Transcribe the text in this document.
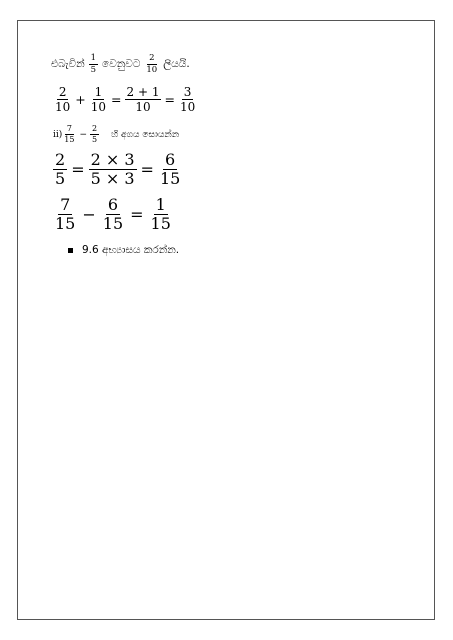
එබැවින් $\frac{1}{5}$ වෙනුවට $\frac{2}{10}$ ලියයි.
$\frac{2}{10} + \frac{1}{10} = \frac{2 + 1}{10} = \frac{3}{10}$
$ii) \frac{7}{15} - \frac{2}{5}$ හි අගය සොයන්න
$\frac{2}{5} = \frac{2 \times 3}{5 \times 3} = \frac{6}{15}$
$\frac{7}{15} - \frac{6}{15} = \frac{1}{15}$
9.6 අභ්‍යාසය කරන්න.
